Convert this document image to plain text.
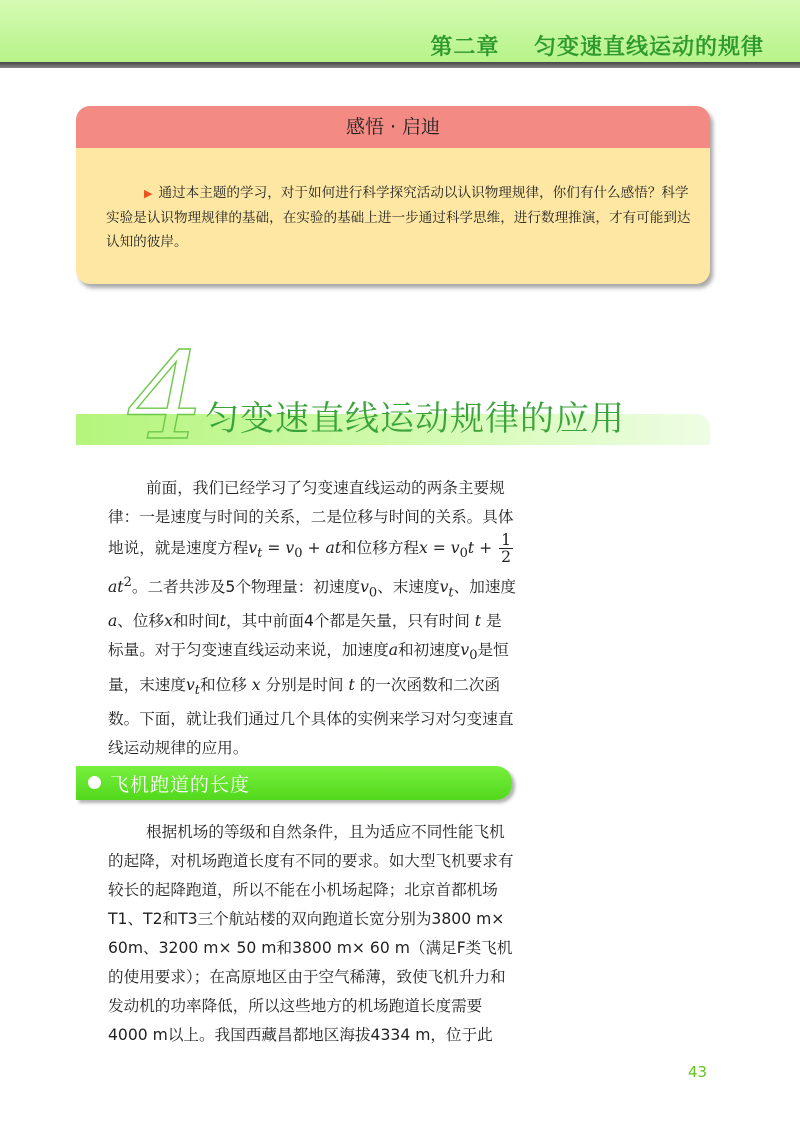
第二章    匀变速直线运动的规律
感悟 · 启迪
▶ 通过本主题的学习，对于如何进行科学探究活动以认识物理规律，你们有什么感悟？科学实验是认识物理规律的基础，在实验的基础上进一步通过科学思维，进行数理推演，才有可能到达认知的彼岸。
4 匀变速直线运动规律的应用

前面，我们已经学习了匀变速直线运动的两条主要规律：一是速度与时间的关系，二是位移与时间的关系。具体地说，就是速度方程$v_t = v_0$ + at和位移方程$x = v_0t + \frac{1}{2}$
$at^2$。二者共涉及5个物理量：初速度$v_0$、末速度$v_t$、加速度a、位移x和时间t，其中前面4个都是矢量，只有时间 t 是标量。对于匀变速直线运动来说，加速度a和初速度$v_0$是恒量，末速度$v_t$和位移 x 分别是时间 t 的一次函数和二次函数。下面，就让我们通过几个具体的实例来学习对匀变速直线运动规律的应用。

飞机跑道的长度

根据机场的等级和自然条件，且为适应不同性能飞机的起降，对机场跑道长度有不同的要求。如大型飞机要求有较长的起降跑道，所以不能在小机场起降；北京首都机场T1、T2和T3三个航站楼的双向跑道长宽分别为3800 m× 60m、3200 m× 50 m和3800 m× 60 m（满足F类飞机的使用要求）；在高原地区由于空气稀薄，致使飞机升力和发动机的功率降低，所以这些地方的机场跑道长度需要4000 m以上。我国西藏昌都地区海拔4334 m，位于此

43
